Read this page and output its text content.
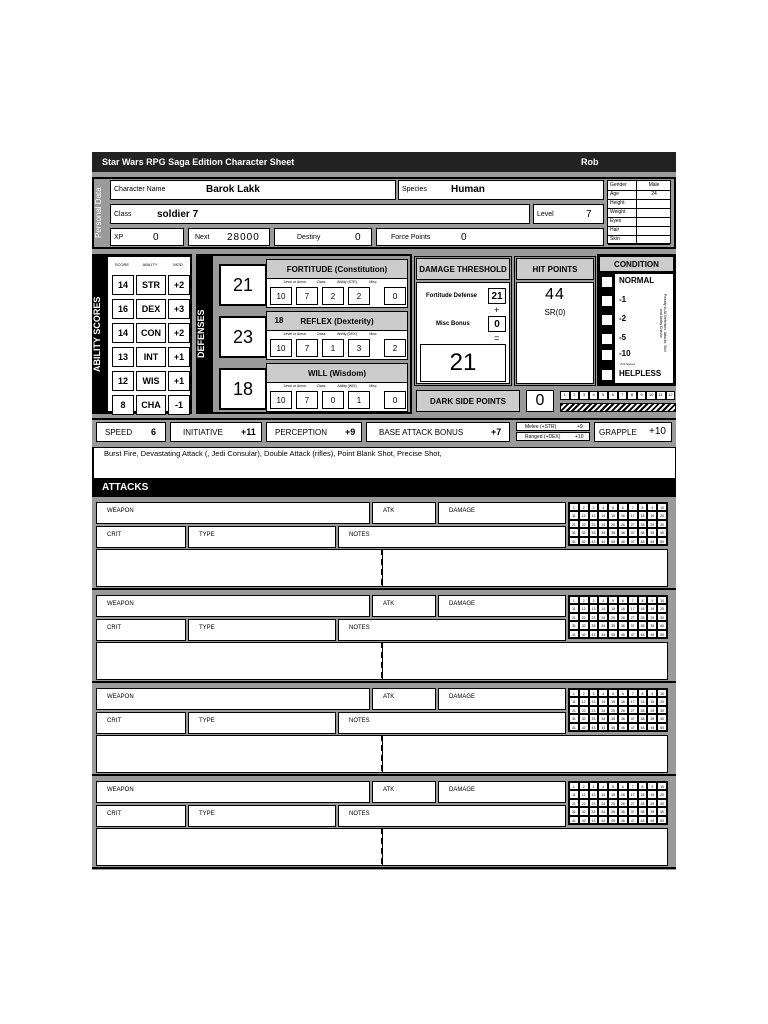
Star Wars RPG Saga Edition Character Sheet	Rob
Personal Data	Character Name	Barok Lakk	Species Human
Class	soldier 7	Level	7
XP	0	Next 28000	Destiny	0	Force Points	0
Gender	Male
Age	24
Height
Weight
Eyes
Hair
Skin
ABILITY SCORES
SCORE	ABILITY	MOD
14	STR	+2
16	DEX	+3
14	CON	+2
13	INT	+1
12	WIS	+1
8	CHA	-1
DEFENSES
21
FORTITUDE (Constitution)
Level or Armor	Class	Ability (STR)	Misc
10	7	2	2	0
23
REFLEX (Dexterity)
18
Level or Armor	Class	Ability (DEX)	Misc
10	7	1	3	2
18
WILL (Wisdom)
Level or Armor	Class	Ability (WIS)	Misc
10	7	0	1	0
DAMAGE THRESHOLD
Fortitude Defense	21
+
Misc Bonus	0
=
21
HIT POINTS
44
SR(0)
CONDITION
NORMAL
-1
-2
-5
-10
-1/2 Speed
HELPLESS
Penalty to All Defenses, Attacks, Skill and Ability Checks
DARK SIDE POINTS	0	1	2	3	4	5	6	7	8	9	10	11	12
SPEED 6	INITIATIVE +11 PERCEPTION +9	BASE ATTACK BONUS	+7	Melee (+STR)	+9
Ranged (+DEX)	+10 GRAPPLE +10
Burst Fire, Devastating Attack (, Jedi Consular), Double Attack (rifles), Point Blank Shot, Precise Shot,
ATTACKS
WEAPON	ATK	DAMAGE
CRIT	TYPE	NOTES
1	2	3	4	5	6	7	8	9	10
11	12	13	14	15	16	17	18	19	20
21	22	23	24	25	26	27	28	29	30
31	32	33	34	35	36	37	38	39	40
41	42	43	44	45	46	47	48	49	50
WEAPON	ATK	DAMAGE
CRIT	TYPE	NOTES
1	2	3	4	5	6	7	8	9	10
11	12	13	14	15	16	17	18	19	20
21	22	23	24	25	26	27	28	29	30
31	32	33	34	35	36	37	38	39	40
41	42	43	44	45	46	47	48	49	50
WEAPON	ATK	DAMAGE
CRIT	TYPE	NOTES
1	2	3	4	5	6	7	8	9	10
11	12	13	14	15	16	17	18	19	20
21	22	23	24	25	26	27	28	29	30
31	32	33	34	35	36	37	38	39	40
41	42	43	44	45	46	47	48	49	50
WEAPON	ATK	DAMAGE
CRIT	TYPE	NOTES
1	2	3	4	5	6	7	8	9	10
11	12	13	14	15	16	17	18	19	20
21	22	23	24	25	26	27	28	29	30
31	32	33	34	35	36	37	38	39	40
41	42	43	44	45	46	47	48	49	50
